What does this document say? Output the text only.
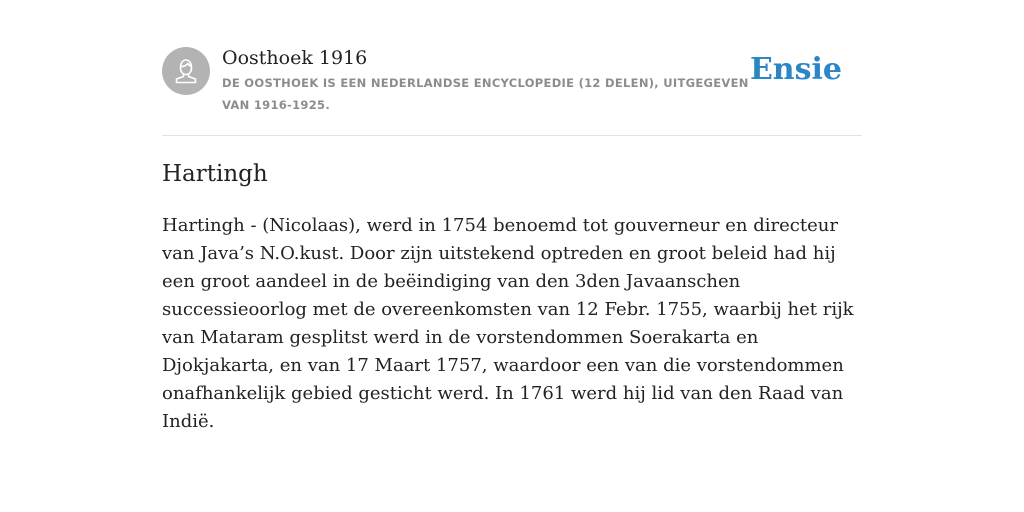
Oosthoek 1916
DE OOSTHOEK IS EEN NEDERLANDSE ENCYCLOPEDIE (12 DELEN), UITGEGEVEN VAN 1916-1925.
Ensie
Hartingh

Hartingh - (Nicolaas), werd in 1754 benoemd tot gouverneur en directeur van Java’s N.O.kust. Door zijn uitstekend optreden en groot beleid had hij een groot aandeel in de beëindiging van den 3den Javaanschen successieoorlog met de overeenkomsten van 12 Febr. 1755, waarbij het rijk van Mataram gesplitst werd in de vorstendommen Soerakarta en Djokjakarta, en van 17 Maart 1757, waardoor een van die vorstendommen onafhankelijk gebied gesticht werd. In 1761 werd hij lid van den Raad van Indië.
